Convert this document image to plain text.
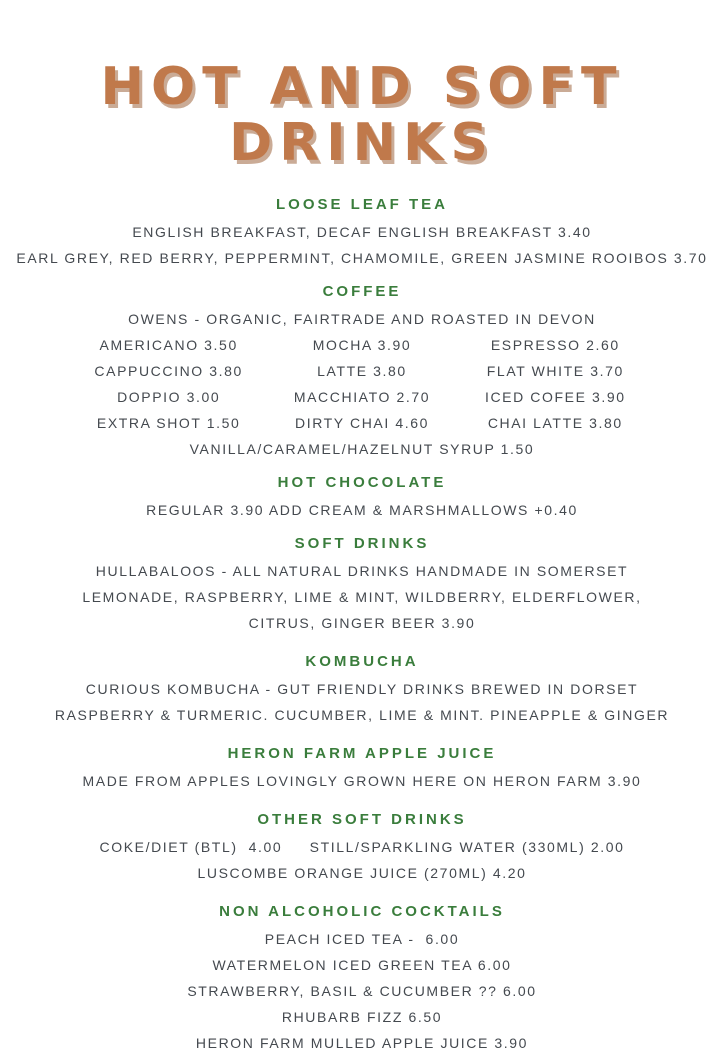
HOT AND SOFT
DRINKS
LOOSE LEAF TEA
ENGLISH BREAKFAST, DECAF ENGLISH BREAKFAST 3.40
EARL GREY, RED BERRY, PEPPERMINT, CHAMOMILE, GREEN JASMINE ROOIBOS 3.70
COFFEE
OWENS - ORGANIC, FAIRTRADE AND ROASTED IN DEVON
AMERICANO 3.50	MOCHA 3.90	ESPRESSO 2.60
CAPPUCCINO 3.80	LATTE 3.80	FLAT WHITE 3.70
DOPPIO 3.00	MACCHIATO 2.70	ICED COFEE 3.90
EXTRA SHOT 1.50	DIRTY CHAI 4.60	CHAI LATTE 3.80
VANILLA/CARAMEL/HAZELNUT SYRUP 1.50
HOT CHOCOLATE
REGULAR 3.90 ADD CREAM & MARSHMALLOWS +0.40
SOFT DRINKS
HULLABALOOS - ALL NATURAL DRINKS HANDMADE IN SOMERSET
LEMONADE, RASPBERRY, LIME & MINT, WILDBERRY, ELDERFLOWER,
CITRUS, GINGER BEER 3.90
KOMBUCHA
CURIOUS KOMBUCHA - GUT FRIENDLY DRINKS BREWED IN DORSET
RASPBERRY & TURMERIC. CUCUMBER, LIME & MINT. PINEAPPLE & GINGER
HERON FARM APPLE JUICE
MADE FROM APPLES LOVINGLY GROWN HERE ON HERON FARM 3.90
OTHER SOFT DRINKS
COKE/DIET (BTL)  4.00     STILL/SPARKLING WATER (330ML) 2.00
LUSCOMBE ORANGE JUICE (270ML) 4.20
NON ALCOHOLIC COCKTAILS
PEACH ICED TEA -  6.00
WATERMELON ICED GREEN TEA 6.00
STRAWBERRY, BASIL & CUCUMBER ?? 6.00
RHUBARB FIZZ 6.50
HERON FARM MULLED APPLE JUICE 3.90
